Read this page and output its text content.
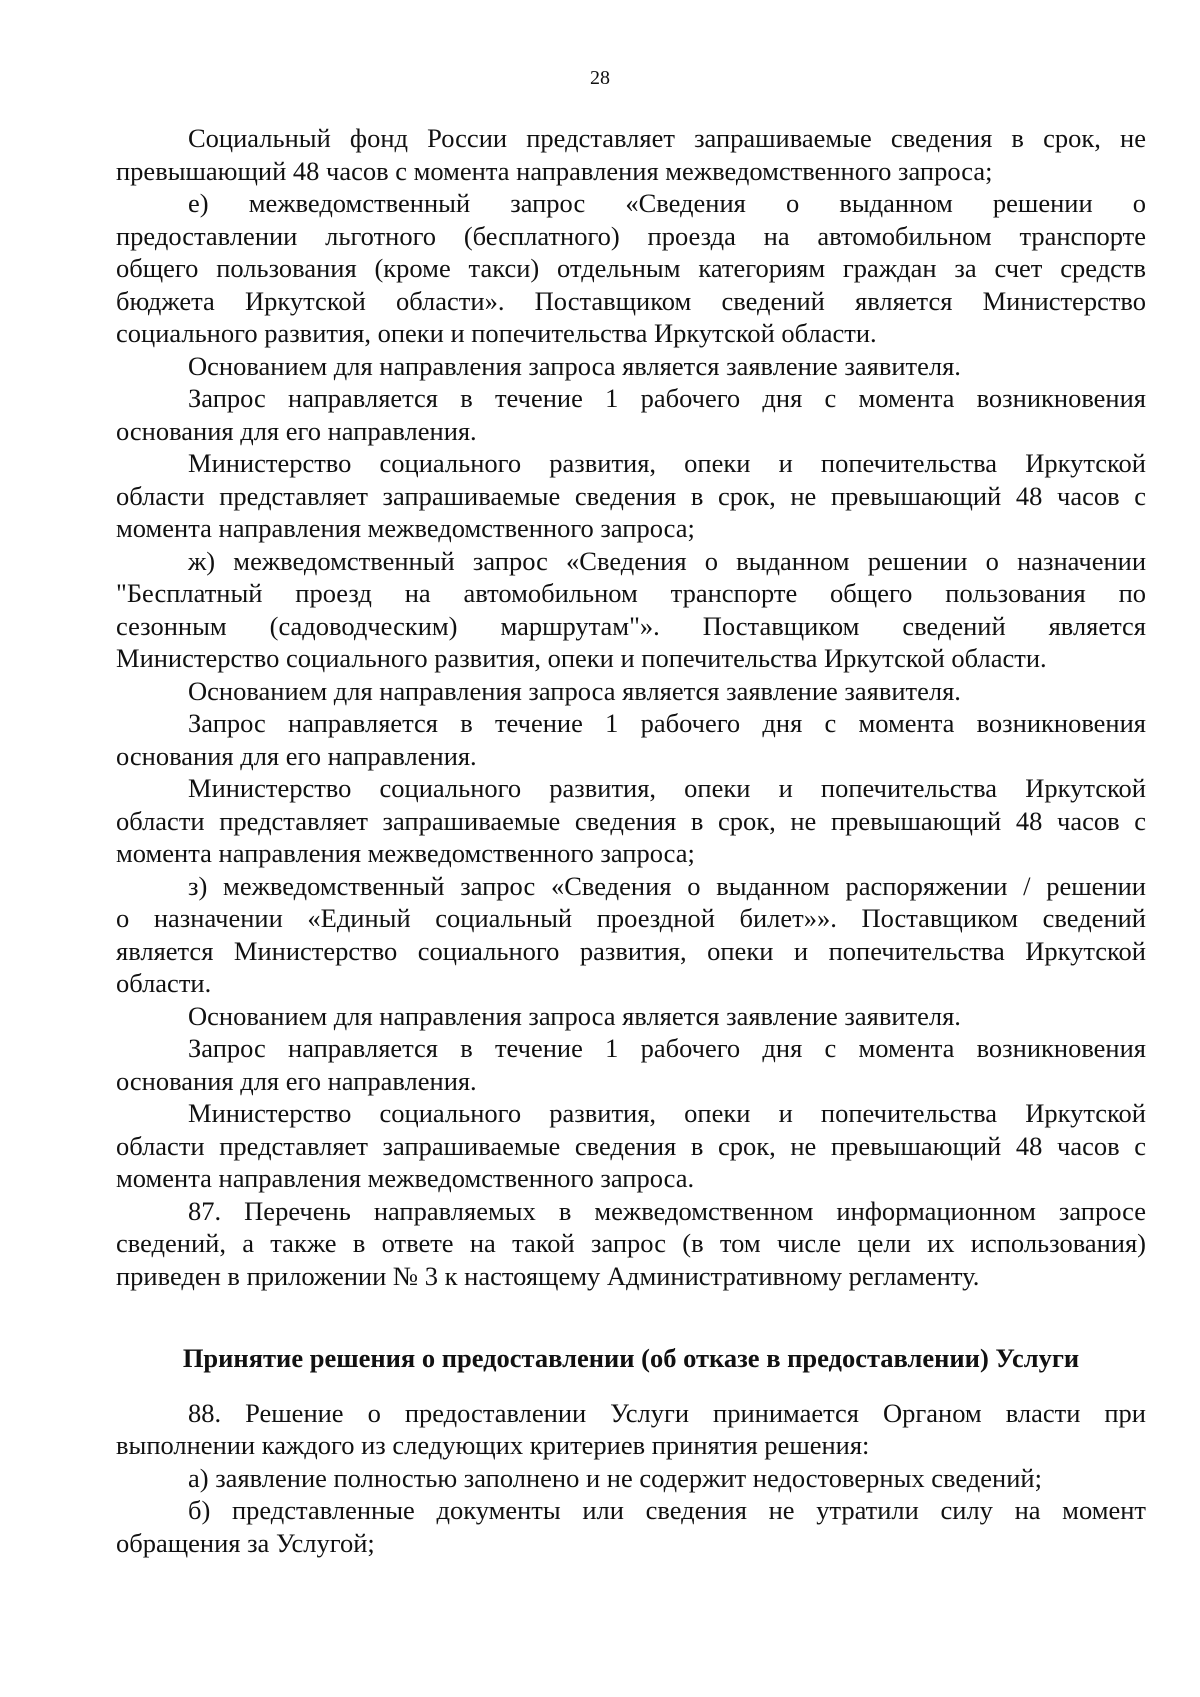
28
Социальный фонд России представляет запрашиваемые сведения в срок, не
превышающий 48 часов с момента направления межведомственного запроса;
е) межведомственный запрос «Сведения о выданном решении о
предоставлении льготного (бесплатного) проезда на автомобильном транспорте
общего пользования (кроме такси) отдельным категориям граждан за счет средств
бюджета Иркутской области». Поставщиком сведений является Министерство
социального развития, опеки и попечительства Иркутской области.
Основанием для направления запроса является заявление заявителя.
Запрос направляется в течение 1 рабочего дня с момента возникновения
основания для его направления.
Министерство социального развития, опеки и попечительства Иркутской
области представляет запрашиваемые сведения в срок, не превышающий 48 часов с
момента направления межведомственного запроса;
ж) межведомственный запрос «Сведения о выданном решении о назначении
"Бесплатный проезд на автомобильном транспорте общего пользования по
сезонным (садоводческим) маршрутам"». Поставщиком сведений является
Министерство социального развития, опеки и попечительства Иркутской области.
Основанием для направления запроса является заявление заявителя.
Запрос направляется в течение 1 рабочего дня с момента возникновения
основания для его направления.
Министерство социального развития, опеки и попечительства Иркутской
области представляет запрашиваемые сведения в срок, не превышающий 48 часов с
момента направления межведомственного запроса;
з) межведомственный запрос «Сведения о выданном распоряжении / решении
о назначении «Единый социальный проездной билет»». Поставщиком сведений
является Министерство социального развития, опеки и попечительства Иркутской
области.
Основанием для направления запроса является заявление заявителя.
Запрос направляется в течение 1 рабочего дня с момента возникновения
основания для его направления.
Министерство социального развития, опеки и попечительства Иркутской
области представляет запрашиваемые сведения в срок, не превышающий 48 часов с
момента направления межведомственного запроса.
87. Перечень направляемых в межведомственном информационном запросе
сведений, а также в ответе на такой запрос (в том числе цели их использования)
приведен в приложении № 3 к настоящему Административному регламенту.
Принятие решения о предоставлении (об отказе в предоставлении) Услуги
88. Решение о предоставлении Услуги принимается Органом власти при
выполнении каждого из следующих критериев принятия решения:
а) заявление полностью заполнено и не содержит недостоверных сведений;
б) представленные документы или сведения не утратили силу на момент
обращения за Услугой;
